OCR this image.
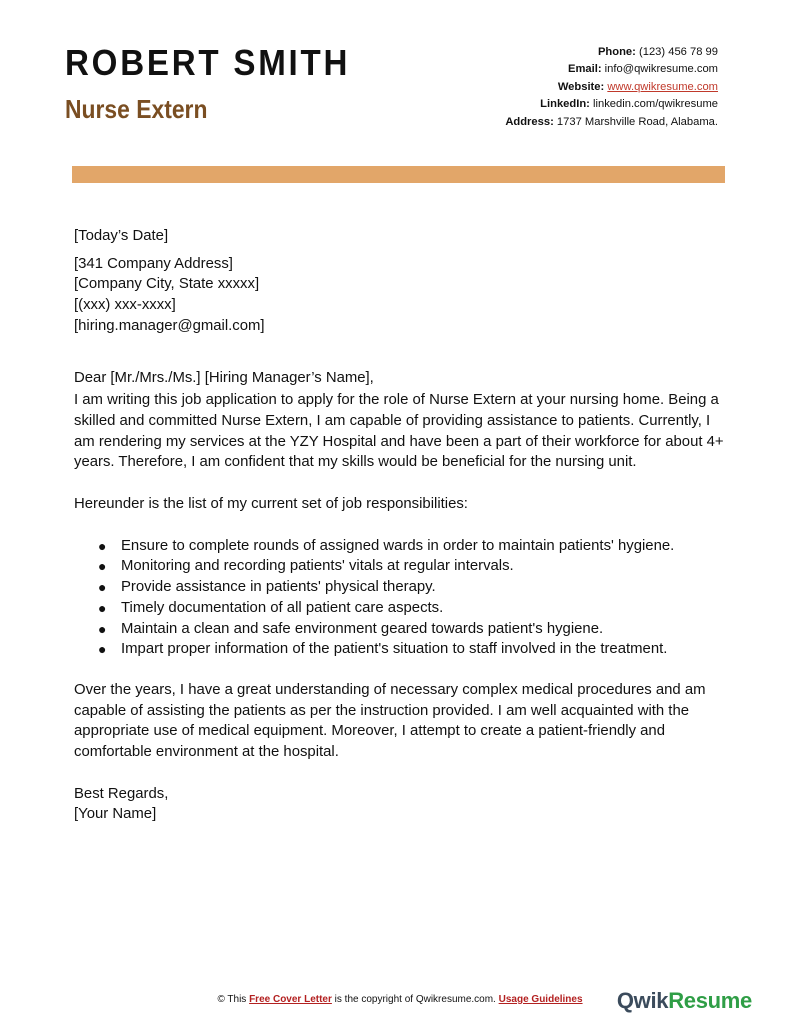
ROBERT SMITH
Nurse Extern
Phone: (123) 456 78 99
Email: info@qwikresume.com
Website: www.qwikresume.com
LinkedIn: linkedin.com/qwikresume
Address: 1737 Marshville Road, Alabama.

[Today’s Date]

[341 Company Address]

[Company City, State xxxxx]

[(xxx) xxx-xxxx]

[hiring.manager@gmail.com]

Dear [Mr./Mrs./Ms.] [Hiring Manager’s Name],

I am writing this job application to apply for the role of Nurse Extern at your nursing home. Being a skilled and committed Nurse Extern, I am capable of providing assistance to patients. Currently, I am rendering my services at the YZY Hospital and have been a part of their workforce for about 4+ years. Therefore, I am confident that my skills would be beneficial for the nursing unit.

Hereunder is the list of my current set of job responsibilities:

● Ensure to complete rounds of assigned wards in order to maintain patients' hygiene.
● Monitoring and recording patients' vitals at regular intervals.
● Provide assistance in patients' physical therapy.
● Timely documentation of all patient care aspects.
● Maintain a clean and safe environment geared towards patient's hygiene.
● Impart proper information of the patient's situation to staff involved in the treatment.

Over the years, I have a great understanding of necessary complex medical procedures and am capable of assisting the patients as per the instruction provided. I am well acquainted with the appropriate use of medical equipment. Moreover, I attempt to create a patient-friendly and comfortable environment at the hospital.

Best Regards,

[Your Name]

© This Free Cover Letter is the copyright of Qwikresume.com. Usage Guidelines	QwikResume
